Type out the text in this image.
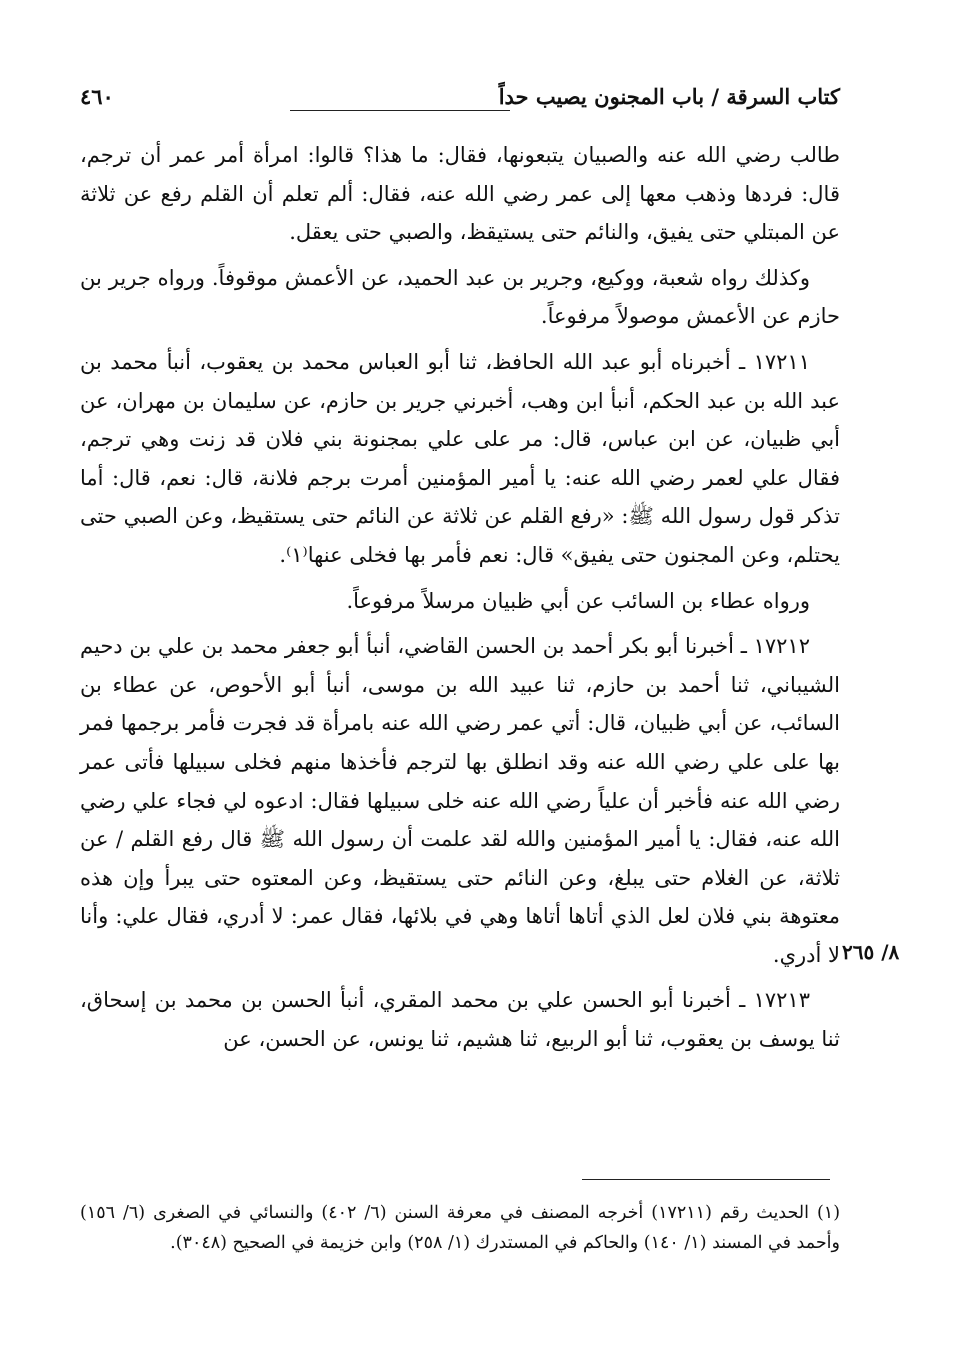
كتاب السرقة / باب المجنون يصيب حداً
٤٦٠

طالب رضي الله عنه والصبيان يتبعونها، فقال: ما هذا؟ قالوا: امرأة أمر عمر أن ترجم، قال: فردها وذهب معها إلى عمر رضي الله عنه، فقال: ألم تعلم أن القلم رفع عن ثلاثة عن المبتلي حتى يفيق، والنائم حتى يستيقظ، والصبي حتى يعقل.

وكذلك رواه شعبة، ووكيع، وجرير بن عبد الحميد، عن الأعمش موقوفاً. ورواه جرير بن حازم عن الأعمش موصولاً مرفوعاً.

١٧٢١١ ـ أخبرناه أبو عبد الله الحافظ، ثنا أبو العباس محمد بن يعقوب، أنبأ محمد بن عبد الله بن عبد الحكم، أنبأ ابن وهب، أخبرني جرير بن حازم، عن سليمان بن مهران، عن أبي ظبيان، عن ابن عباس، قال: مر على علي بمجنونة بني فلان قد زنت وهي ترجم، فقال علي لعمر رضي الله عنه: يا أمير المؤمنين أمرت برجم فلانة، قال: نعم، قال: أما تذكر قول رسول الله ﷺ: «رفع القلم عن ثلاثة عن النائم حتى يستقيظ، وعن الصبي حتى يحتلم، وعن المجنون حتى يفيق» قال: نعم فأمر بها فخلى عنها⁽١⁾.

ورواه عطاء بن السائب عن أبي ظبيان مرسلاً مرفوعاً.

١٧٢١٢ ـ أخبرنا أبو بكر أحمد بن الحسن القاضي، أنبأ أبو جعفر محمد بن علي بن دحيم الشيباني، ثنا أحمد بن حازم، ثنا عبيد الله بن موسى، أنبأ أبو الأحوص، عن عطاء بن السائب، عن أبي ظبيان، قال: أتي عمر رضي الله عنه بامرأة قد فجرت فأمر برجمها فمر بها على علي رضي الله عنه وقد انطلق بها لترجم فأخذها منهم فخلى سبيلها فأتى عمر رضي الله عنه فأخبر أن علياً رضي الله عنه خلى سبيلها فقال: ادعوه لي فجاء علي رضي الله عنه، فقال: يا أمير المؤمنين والله لقد علمت أن رسول الله ﷺ قال رفع القلم / عن ثلاثة، عن الغلام حتى يبلغ، وعن النائم حتى يستقيظ، وعن المعتوه حتى يبرأ وإن هذه معتوهة بني فلان لعل الذي أتاها أتاها وهي في بلائها، فقال عمر: لا أدري، فقال علي: وأنا لا أدري.

١٧٢١٣ ـ أخبرنا أبو الحسن علي بن محمد المقري، أنبأ الحسن بن محمد بن إسحاق، ثنا يوسف بن يعقوب، ثنا أبو الربيع، ثنا هشيم، ثنا يونس، عن الحسن، عن

٨/ ٢٦٥

(١) الحديث رقم (١٧٢١١) أخرجه المصنف في معرفة السنن (٦/ ٤٠٢) والنسائي في الصغرى (٦/ ١٥٦) وأحمد في المسند (١/ ١٤٠) والحاكم في المستدرك (١/ ٢٥٨) وابن خزيمة في الصحيح (٣٠٤٨).
